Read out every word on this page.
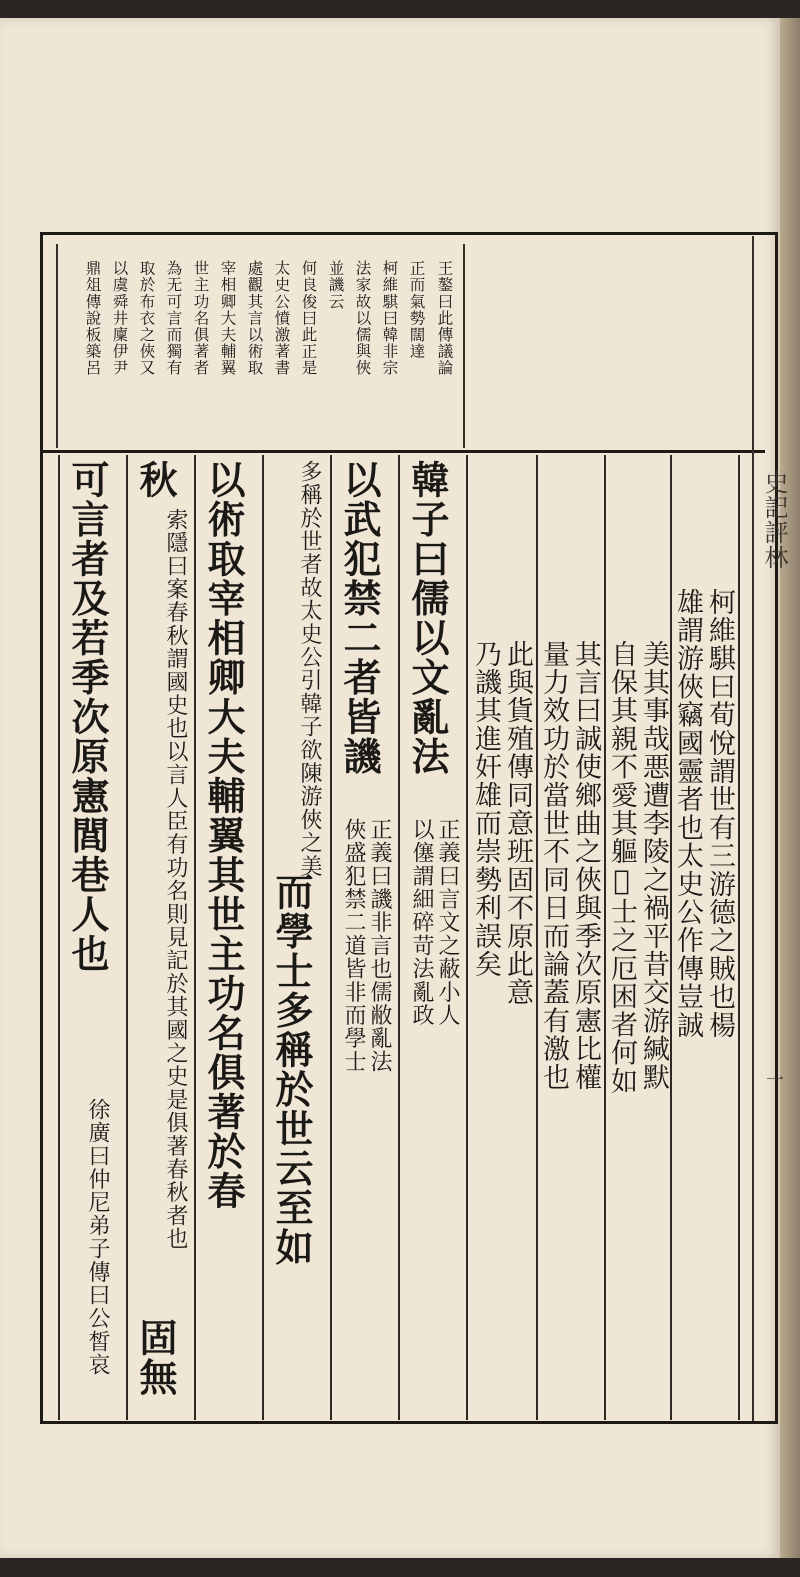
王鏊曰此傳議論
正而氣勢闊達
柯維騏曰韓非宗
法家故以儒與俠
並譏云
何良俊曰此正是
太史公憤激著書
處觀其言以術取
宰相卿大夫輔翼
世主功名俱著者
為无可言而獨有
取於布衣之俠又
以虞舜井廩伊尹
鼎俎傳說板築呂
柯維騏曰荀悅謂世有三游德之賊也楊
雄謂游俠竊國靈者也太史公作傳豈誠
美其事哉悪遭李陵之禍平昔交游緘默
自保其親不愛其軀𧼈士之厄困者何如
其言曰誠使鄉曲之俠與季次原憲比權
量力效功於當世不同日而論蓋有激也
此與貨殖傳同意班固不原此意
乃譏其進奸雄而崇勢利誤矣
韓子曰儒以文亂法
正義曰言文之蔽小人
以僿謂細碎苛法亂政
以武犯禁二者皆譏
正義曰譏非言也儒敝亂法
俠盛犯禁二道皆非而學士
多稱於世者故太史公引韓子欲陳游俠之美
而學士多稱於世云至如
以術取宰相卿大夫輔翼其世主功名俱著於春
秋
索隱曰案春秋謂國史也以言人臣有功名則見記於其國之史是俱著春秋者也
固無
可言者及若季次原憲閭巷人也
徐廣曰仲尼弟子傳曰公皙哀
史記評林
一
